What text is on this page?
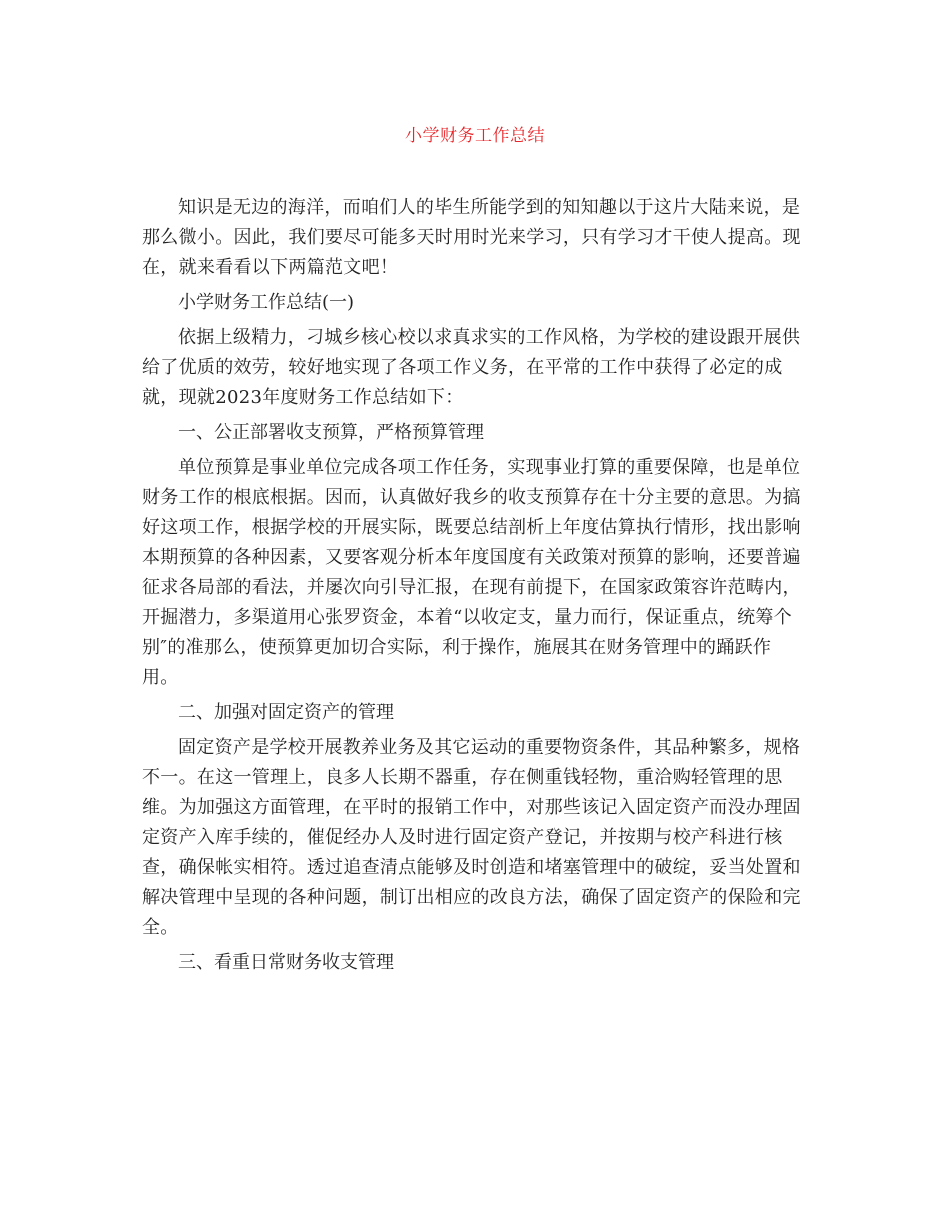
小学财务工作总结

知识是无边的海洋，而咱们人的毕生所能学到的知知趣以于这片大陆来说，是那么微小。因此，我们要尽可能多天时用时光来学习，只有学习才干使人提高。现在，就来看看以下两篇范文吧！

小学财务工作总结(一)

依据上级精力，刁城乡核心校以求真求实的工作风格，为学校的建设跟开展供给了优质的效劳，较好地实现了各项工作义务，在平常的工作中获得了必定的成就，现就2023年度财务工作总结如下：

一、公正部署收支预算，严格预算管理

单位预算是事业单位完成各项工作任务，实现事业打算的重要保障，也是单位财务工作的根底根据。因而，认真做好我乡的收支预算存在十分主要的意思。为搞好这项工作，根据学校的开展实际，既要总结剖析上年度估算执行情形，找出影响本期预算的各种因素，又要客观分析本年度国度有关政策对预算的影响，还要普遍征求各局部的看法，并屡次向引导汇报，在现有前提下，在国家政策容许范畴内，开掘潜力，多渠道用心张罗资金，本着“以收定支，量力而行，保证重点，统筹个别″的准那么，使预算更加切合实际，利于操作，施展其在财务管理中的踊跃作用。

二、加强对固定资产的管理

固定资产是学校开展教养业务及其它运动的重要物资条件，其品种繁多，规格不一。在这一管理上，良多人长期不器重，存在侧重钱轻物，重洽购轻管理的思维。为加强这方面管理，在平时的报销工作中，对那些该记入固定资产而没办理固定资产入库手续的，催促经办人及时进行固定资产登记，并按期与校产科进行核查，确保帐实相符。透过追查清点能够及时创造和堵塞管理中的破绽，妥当处置和解决管理中呈现的各种问题，制订出相应的改良方法，确保了固定资产的保险和完全。

三、看重日常财务收支管理
